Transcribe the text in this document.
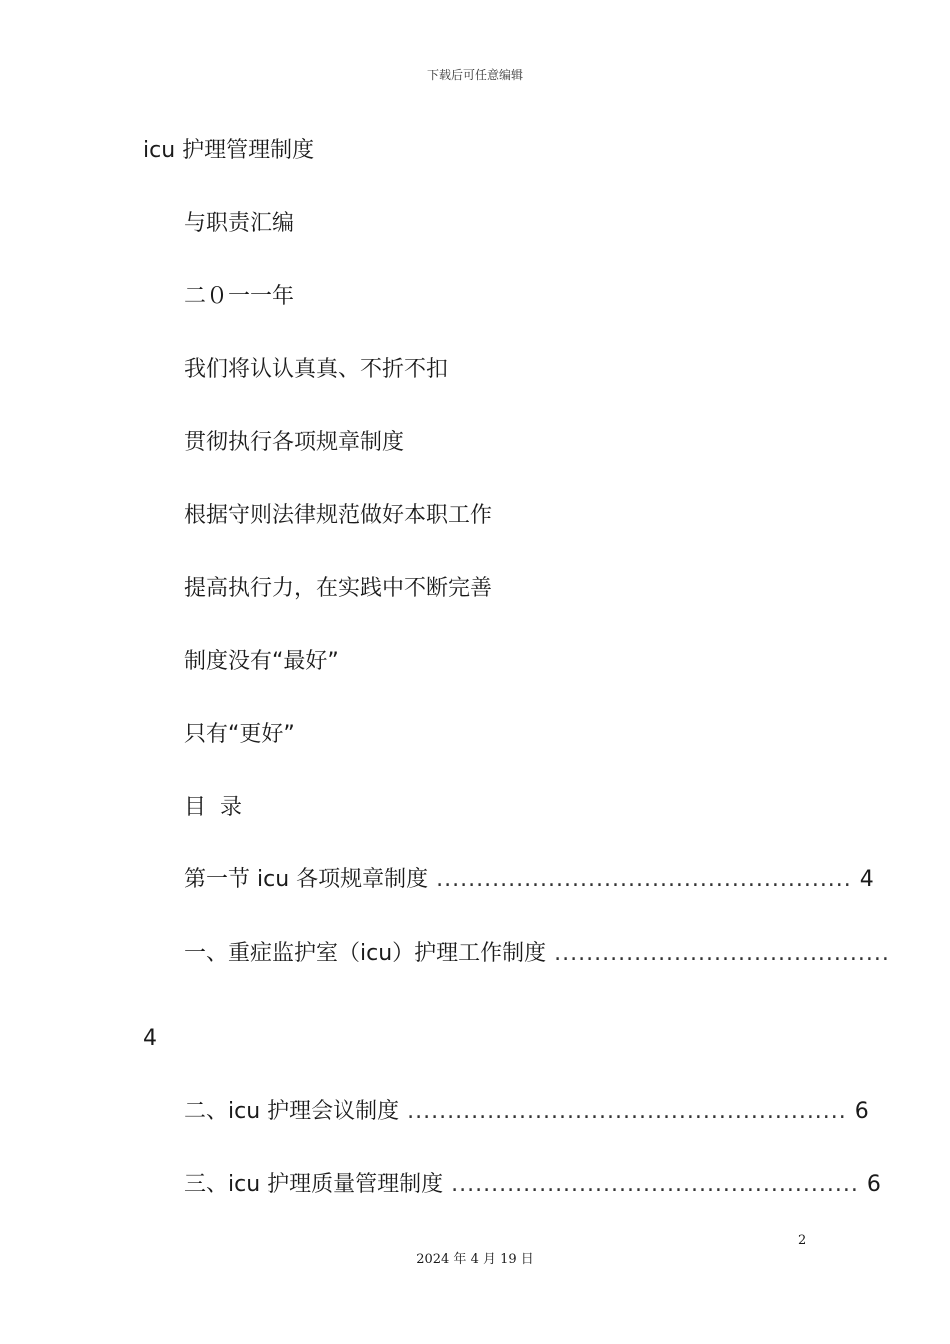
下载后可任意编辑
icu 护理管理制度
与职责汇编
二０一一年
我们将认认真真、不折不扣
贯彻执行各项规章制度
根据守则法律规范做好本职工作
提高执行力，在实践中不断完善
制度没有“最好”
只有“更好”
目  录
第一节 icu 各项规章制度 .................................................... 4
一、重症监护室（icu）护理工作制度 ..........................................
4
二、icu 护理会议制度 ....................................................... 6
三、icu 护理质量管理制度 ................................................... 6
2
2024 年 4 月 19 日
